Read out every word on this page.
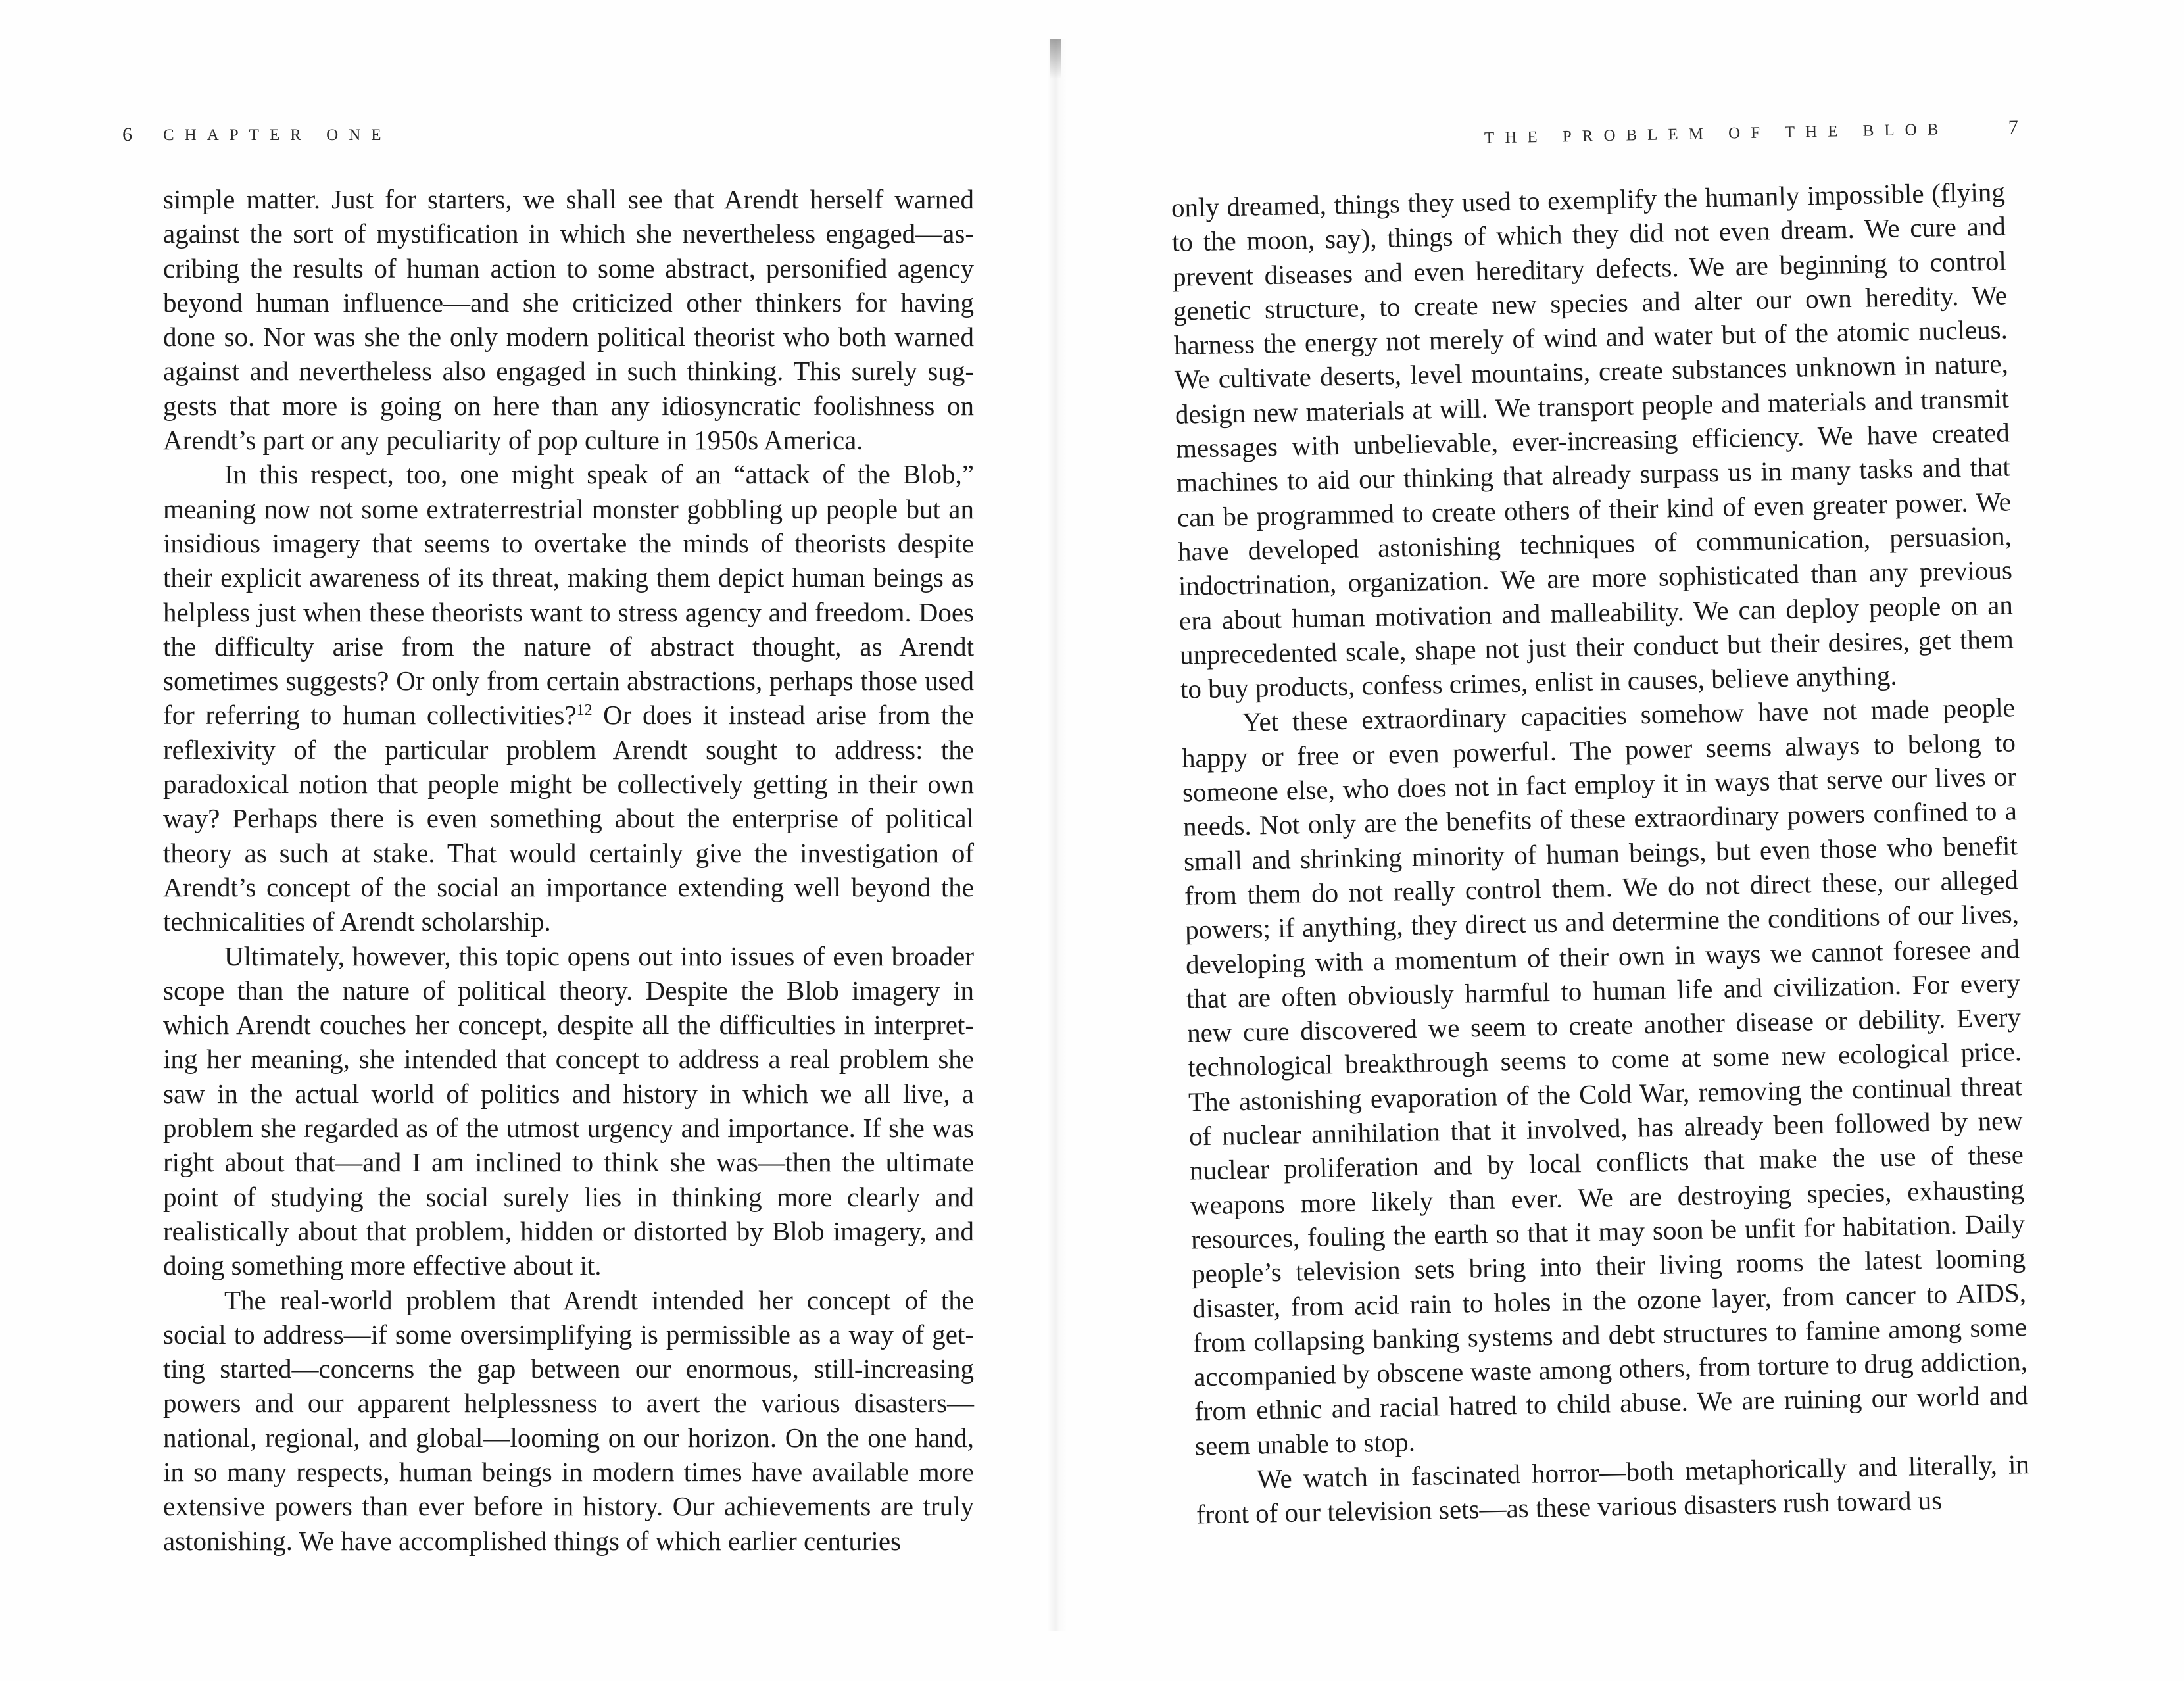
6 CHAPTER ONE

simple matter. Just for starters, we shall see that Arendt herself warned against the sort of mystification in which she nevertheless engaged—ascribing the results of human action to some abstract, personified agency beyond human influence—and she criticized other thinkers for having done so. Nor was she the only modern political theorist who both warned against and nevertheless also engaged in such thinking. This surely suggests that more is going on here than any idiosyncratic foolishness on Arendt’s part or any peculiarity of pop culture in 1950s America.

In this respect, too, one might speak of an “attack of the Blob,” meaning now not some extraterrestrial monster gobbling up people but an insidious imagery that seems to overtake the minds of theorists despite their explicit awareness of its threat, making them depict human beings as helpless just when these theorists want to stress agency and freedom. Does the difficulty arise from the nature of abstract thought, as Arendt sometimes suggests? Or only from certain abstractions, perhaps those used for referring to human collectivities?$^{12}$ Or does it instead arise from the reflexivity of the particular problem Arendt sought to address: the paradoxical notion that people might be collectively getting in their own way? Perhaps there is even something about the enterprise of political theory as such at stake. That would certainly give the investigation of Arendt’s concept of the social an importance extending well beyond the technicalities of Arendt scholarship.

Ultimately, however, this topic opens out into issues of even broader scope than the nature of political theory. Despite the Blob imagery in which Arendt couches her concept, despite all the difficulties in interpreting her meaning, she intended that concept to address a real problem she saw in the actual world of politics and history in which we all live, a problem she regarded as of the utmost urgency and importance. If she was right about that—and I am inclined to think she was—then the ultimate point of studying the social surely lies in thinking more clearly and realistically about that problem, hidden or distorted by Blob imagery, and doing something more effective about it.

The real-world problem that Arendt intended her concept of the social to address—if some oversimplifying is permissible as a way of getting started—concerns the gap between our enormous, still-increasing powers and our apparent helplessness to avert the various disasters— national, regional, and global—looming on our horizon. On the one hand, in so many respects, human beings in modern times have available more extensive powers than ever before in history. Our achievements are truly astonishing. We have accomplished things of which earlier centuries

THE PROBLEM OF THE BLOB	7

only dreamed, things they used to exemplify the humanly impossible (flying to the moon, say), things of which they did not even dream. We cure and prevent diseases and even hereditary defects. We are beginning to control genetic structure, to create new species and alter our own heredity. We harness the energy not merely of wind and water but of the atomic nucleus. We cultivate deserts, level mountains, create substances unknown in nature, design new materials at will. We transport people and materials and transmit messages with unbelievable, ever-increasing efficiency. We have created machines to aid our thinking that already surpass us in many tasks and that can be programmed to create others of their kind of even greater power. We have developed astonishing techniques of communication, persuasion, indoctrination, organization. We are more sophisticated than any previous era about human motivation and malleability. We can deploy people on an unprecedented scale, shape not just their conduct but their desires, get them to buy products, confess crimes, enlist in causes, believe anything.

Yet these extraordinary capacities somehow have not made people happy or free or even powerful. The power seems always to belong to someone else, who does not in fact employ it in ways that serve our lives or needs. Not only are the benefits of these extraordinary powers confined to a small and shrinking minority of human beings, but even those who benefit from them do not really control them. We do not direct these, our alleged powers; if anything, they direct us and determine the conditions of our lives, developing with a momentum of their own in ways we cannot foresee and that are often obviously harmful to human life and civilization. For every new cure discovered we seem to create another disease or debility. Every technological breakthrough seems to come at some new ecological price. The astonishing evaporation of the Cold War, removing the continual threat of nuclear annihilation that it involved, has already been followed by new nuclear proliferation and by local conflicts that make the use of these weapons more likely than ever. We are destroying species, exhausting resources, fouling the earth so that it may soon be unfit for habitation. Daily people’s television sets bring into their living rooms the latest looming disaster, from acid rain to holes in the ozone layer, from cancer to AIDS, from collapsing banking systems and debt structures to famine among some accompanied by obscene waste among others, from torture to drug addiction, from ethnic and racial hatred to child abuse. We are ruining our world and seem unable to stop.

We watch in fascinated horror—both metaphorically and literally, in front of our television sets—as these various disasters rush toward us
